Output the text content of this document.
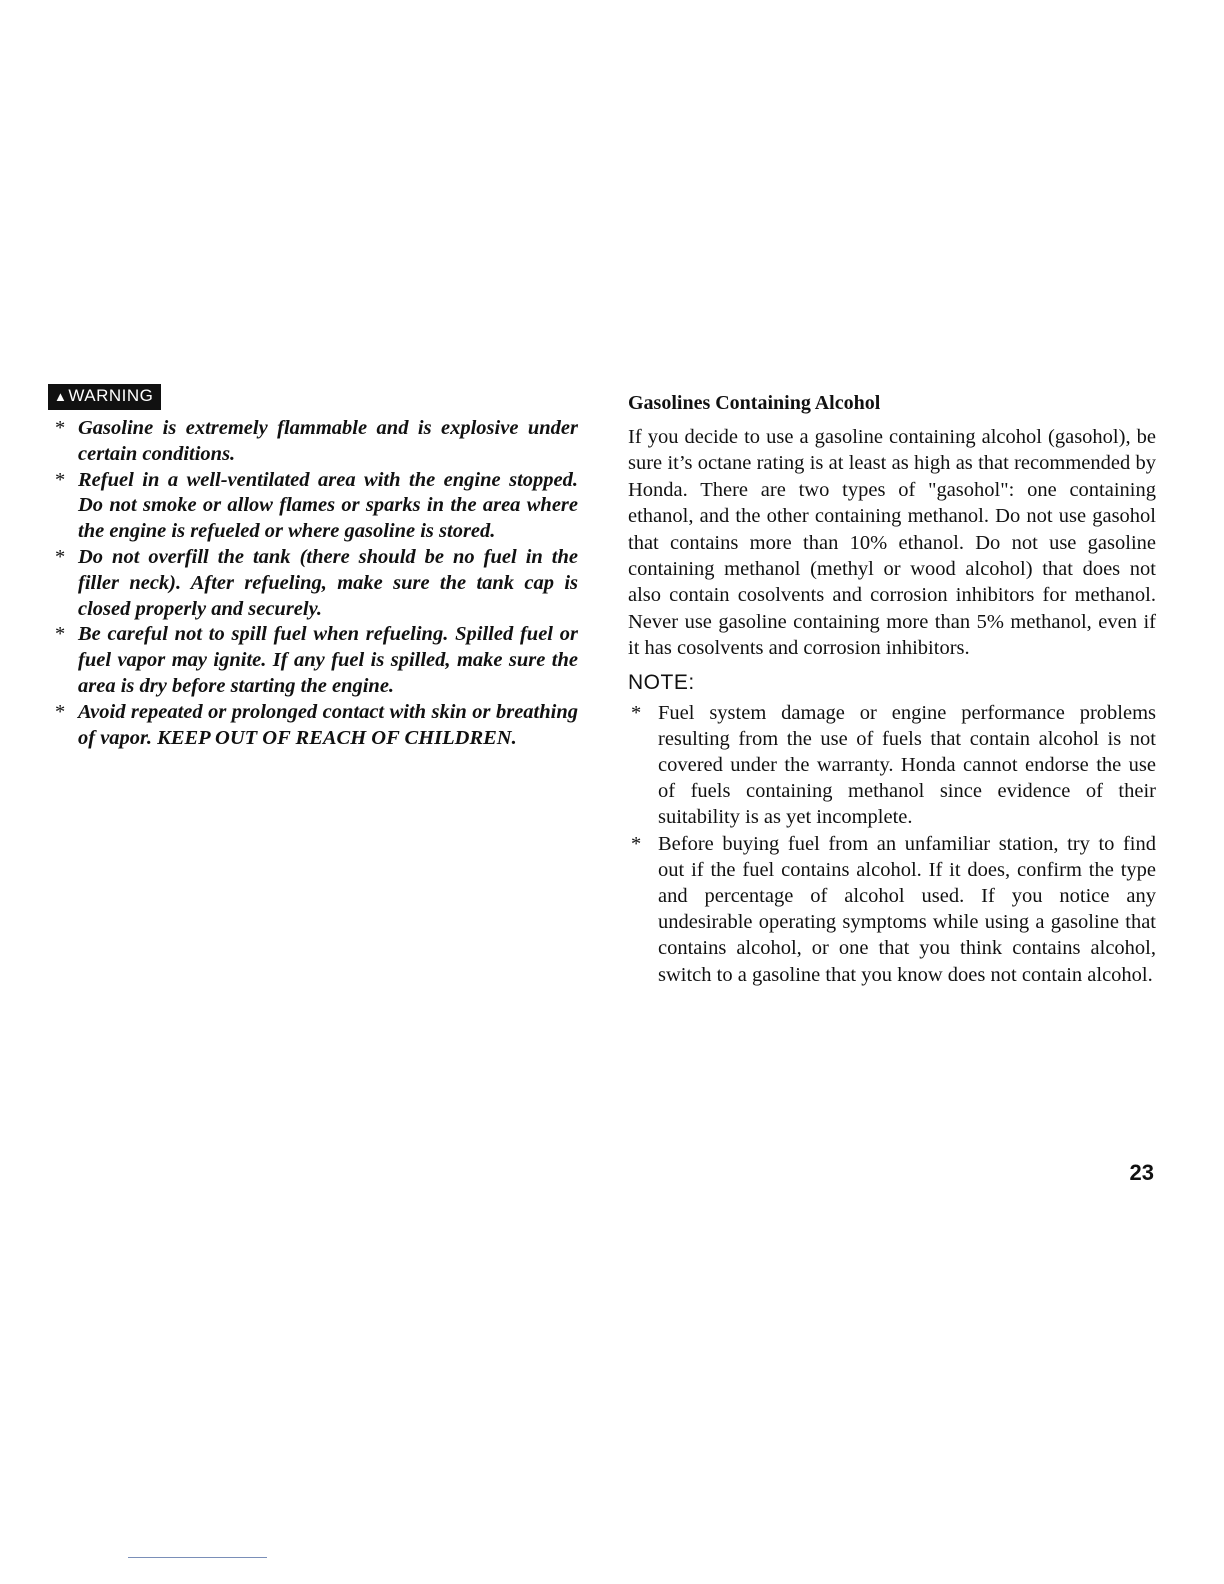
▲WARNING
* Gasoline is extremely flammable and is explosive under certain conditions.
* Refuel in a well-ventilated area with the engine stopped. Do not smoke or allow flames or sparks in the area where the engine is refueled or where gasoline is stored.
* Do not overfill the tank (there should be no fuel in the filler neck). After refueling, make sure the tank cap is closed properly and securely.
* Be careful not to spill fuel when refueling. Spilled fuel or fuel vapor may ignite. If any fuel is spilled, make sure the area is dry before starting the engine.
* Avoid repeated or prolonged contact with skin or breathing of vapor. KEEP OUT OF REACH OF CHILDREN.
Gasolines Containing Alcohol

If you decide to use a gasoline containing alcohol (gasohol), be sure it’s octane rating is at least as high as that recommended by Honda. There are two types of "gasohol": one containing ethanol, and the other containing methanol. Do not use gasohol that contains more than 10% ethanol. Do not use gasoline containing methanol (methyl or wood alcohol) that does not also contain cosolvents and corrosion inhibitors for methanol. Never use gasoline containing more than 5% methanol, even if it has cosolvents and corrosion inhibitors.

NOTE:
* Fuel system damage or engine performance problems resulting from the use of fuels that contain alcohol is not covered under the warranty. Honda cannot endorse the use of fuels containing methanol since evidence of their suitability is as yet incomplete.
* Before buying fuel from an unfamiliar station, try to find out if the fuel contains alcohol. If it does, confirm the type and percentage of alcohol used. If you notice any undesirable operating symptoms while using a gasoline that contains alcohol, or one that you think contains alcohol, switch to a gasoline that you know does not contain alcohol.
23
